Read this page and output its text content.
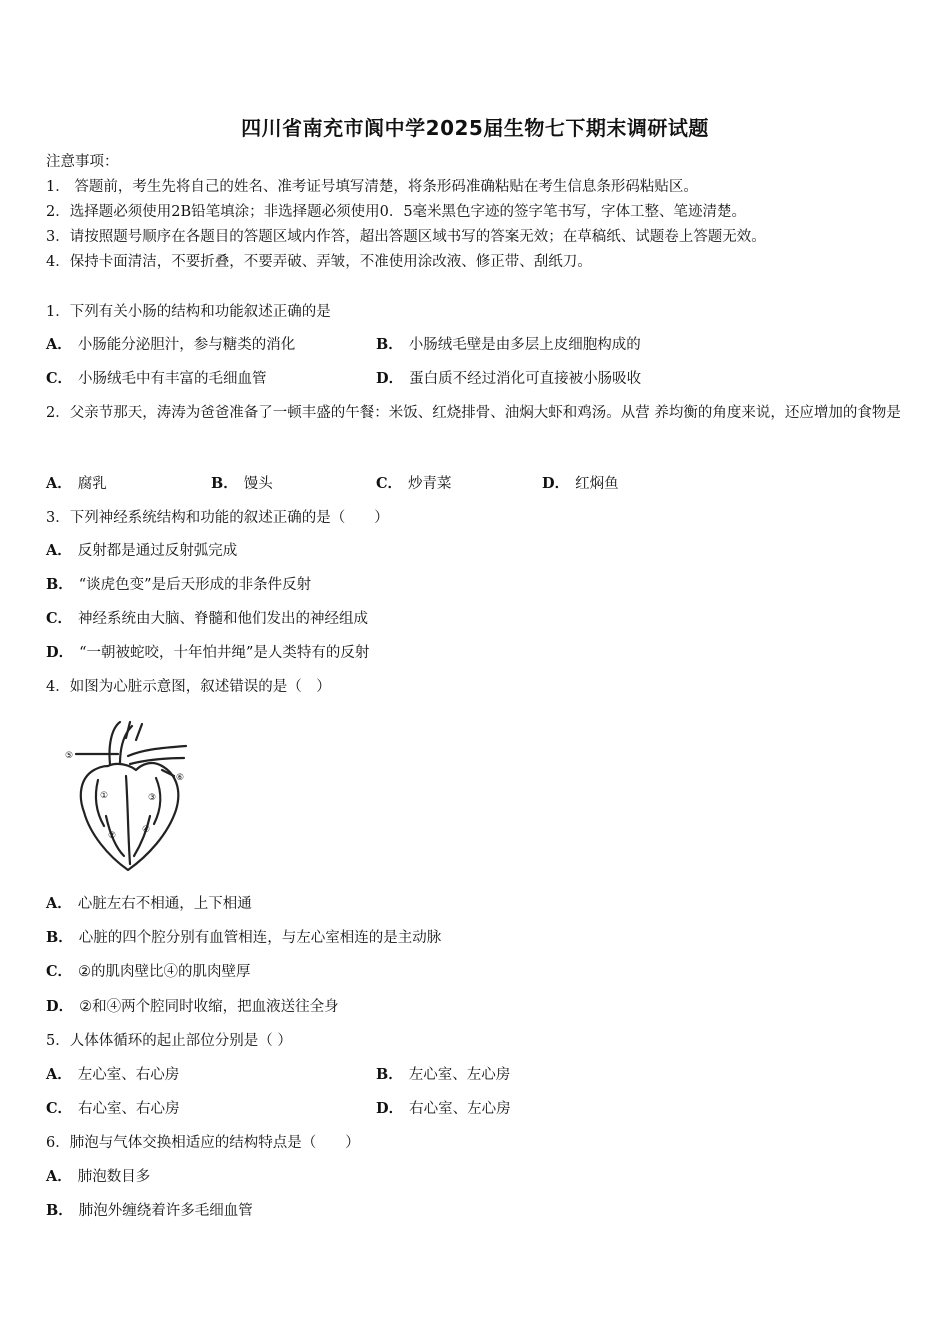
四川省南充市阆中学2025届生物七下期末调研试题
注意事项：
1． 答题前，考生先将自己的姓名、准考证号填写清楚，将条形码准确粘贴在考生信息条形码粘贴区。
2．选择题必须使用2B铅笔填涂；非选择题必须使用0．5毫米黑色字迹的签字笔书写，字体工整、笔迹清楚。
3．请按照题号顺序在各题目的答题区域内作答，超出答题区域书写的答案无效；在草稿纸、试题卷上答题无效。
4．保持卡面清洁，不要折叠，不要弄破、弄皱，不准使用涂改液、修正带、刮纸刀。
1．下列有关小肠的结构和功能叙述正确的是
A． 小肠能分泌胆汁，参与糖类的消化	B． 小肠绒毛壁是由多层上皮细胞构成的
C． 小肠绒毛中有丰富的毛细血管	D． 蛋白质不经过消化可直接被小肠吸收
2．父亲节那天，涛涛为爸爸准备了一顿丰盛的午餐：米饭、红烧排骨、油焖大虾和鸡汤。从营 养均衡的角度来说，还应增加的食物是
A． 腐乳	B． 馒头	C． 炒青菜	D． 红焖鱼
3．下列神经系统结构和功能的叙述正确的是（　　）
A． 反射都是通过反射弧完成
B． “谈虎色变”是后天形成的非条件反射
C． 神经系统由大脑、脊髓和他们发出的神经组成
D． “一朝被蛇咬，十年怕井绳”是人类特有的反射
4．如图为心脏示意图，叙述错误的是（　）
⑤
⑥
①	③
②
④
A． 心脏左右不相通，上下相通
B． 心脏的四个腔分别有血管相连，与左心室相连的是主动脉
C． ②的肌肉壁比④的肌肉壁厚
D． ②和④两个腔同时收缩，把血液送往全身
5．人体体循环的起止部位分别是（ ）
A． 左心室、右心房	B． 左心室、左心房
C． 右心室、右心房	D． 右心室、左心房
6．肺泡与气体交换相适应的结构特点是（　　）
A． 肺泡数目多
B． 肺泡外缠绕着许多毛细血管
